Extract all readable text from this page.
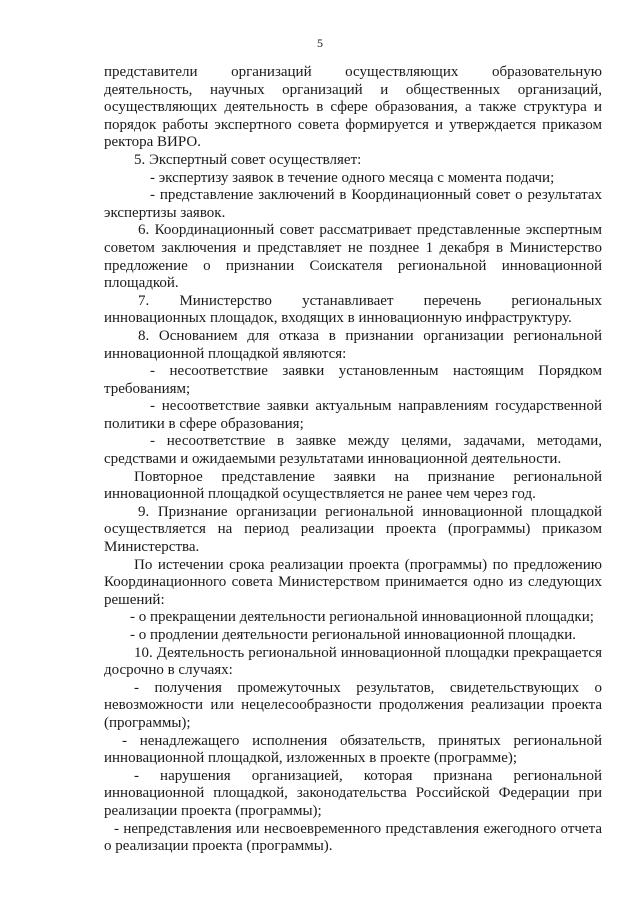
5

представители организаций осуществляющих образовательную деятельность, научных организаций и общественных организаций, осуществляющих деятельность в сфере образования, а также структура и порядок работы экспертного совета формируется и утверждается приказом ректора ВИРО.

5. Экспертный совет осуществляет:

- экспертизу заявок в течение одного месяца с момента подачи;

- представление заключений в Координационный совет о результатах экспертизы заявок.

6. Координационный совет рассматривает представленные экспертным советом заключения и представляет не позднее 1 декабря в Министерство предложение о признании Соискателя региональной инновационной площадкой.

7. Министерство устанавливает перечень региональных инновационных площадок, входящих в инновационную инфраструктуру.

8. Основанием для отказа в признании организации региональной инновационной площадкой являются:

- несоответствие заявки установленным настоящим Порядком требованиям;

- несоответствие заявки актуальным направлениям государственной политики в сфере образования;

- несоответствие в заявке между целями, задачами, методами, средствами и ожидаемыми результатами инновационной деятельности.

Повторное представление заявки на признание региональной инновационной площадкой осуществляется не ранее чем через год.

9. Признание организации региональной инновационной площадкой осуществляется на период реализации проекта (программы) приказом Министерства.

По истечении срока реализации проекта (программы) по предложению Координационного совета Министерством принимается одно из следующих решений:

- о прекращении деятельности региональной инновационной площадки;

- о продлении деятельности региональной инновационной площадки.

10. Деятельность региональной инновационной площадки прекращается досрочно в случаях:

- получения промежуточных результатов, свидетельствующих о невозможности или нецелесообразности продолжения реализации проекта (программы);

- ненадлежащего исполнения обязательств, принятых региональной инновационной площадкой, изложенных в проекте (программе);

- нарушения организацией, которая признана региональной инновационной площадкой, законодательства Российской Федерации при реализации проекта (программы);

- непредставления или несвоевременного представления ежегодного отчета о реализации проекта (программы).
